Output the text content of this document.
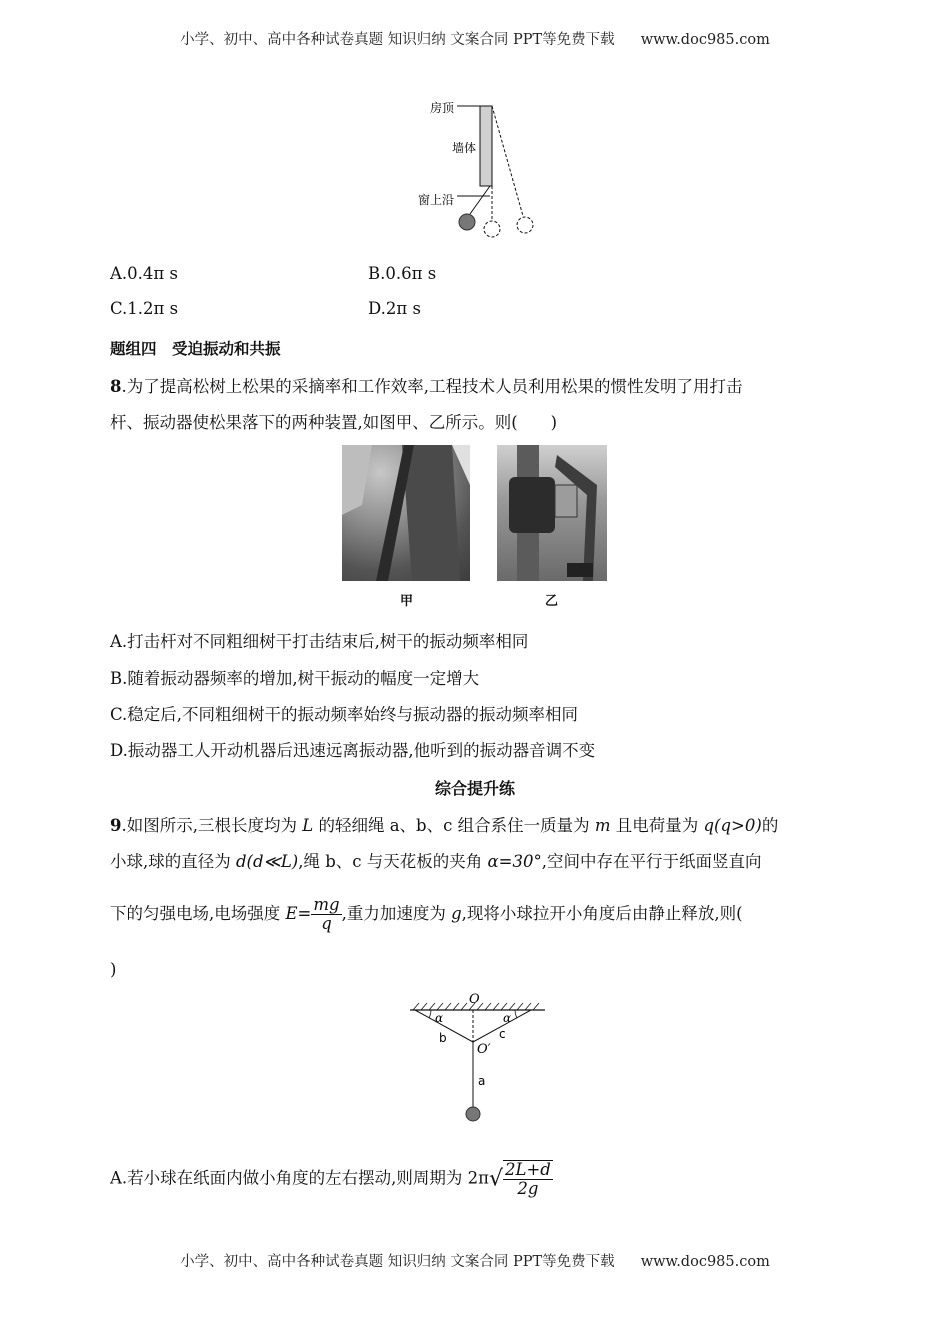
小学、初中、高中各种试卷真题 知识归纳 文案合同 PPT等免费下载 www.doc985.com
房顶
墙体
窗上沿
A.0.4π s	B.0.6π s
C.1.2π s	D.2π s
题组四　受迫振动和共振
8.为了提高松树上松果的采摘率和工作效率,工程技术人员利用松果的惯性发明了用打击
杆、振动器使松果落下的两种装置,如图甲、乙所示。则(　　)
甲	乙
A.打击杆对不同粗细树干打击结束后,树干的振动频率相同
B.随着振动器频率的增加,树干振动的幅度一定增大
C.稳定后,不同粗细树干的振动频率始终与振动器的振动频率相同
D.振动器工人开动机器后迅速远离振动器,他听到的振动器音调不变
综合提升练
9.如图所示,三根长度均为 L 的轻细绳 a、b、c 组合系住一质量为 m 且电荷量为 q(q>0)的
小球,球的直径为 d(d≪L),绳 b、c 与天花板的夹角 α=30°,空间中存在平行于纸面竖直向
下的匀强电场,电场强度 $E= \frac{mg}{q}$ ,重力加速度为 g,现将小球拉开小角度后由静止释放,则(
)
O
O′
α	α
b	c
a
A.若小球在纸面内做小角度的左右摆动,则周期为 $2\pi√ \frac{2L+d}{2g}$
小学、初中、高中各种试卷真题 知识归纳 文案合同 PPT等免费下载 www.doc985.com
